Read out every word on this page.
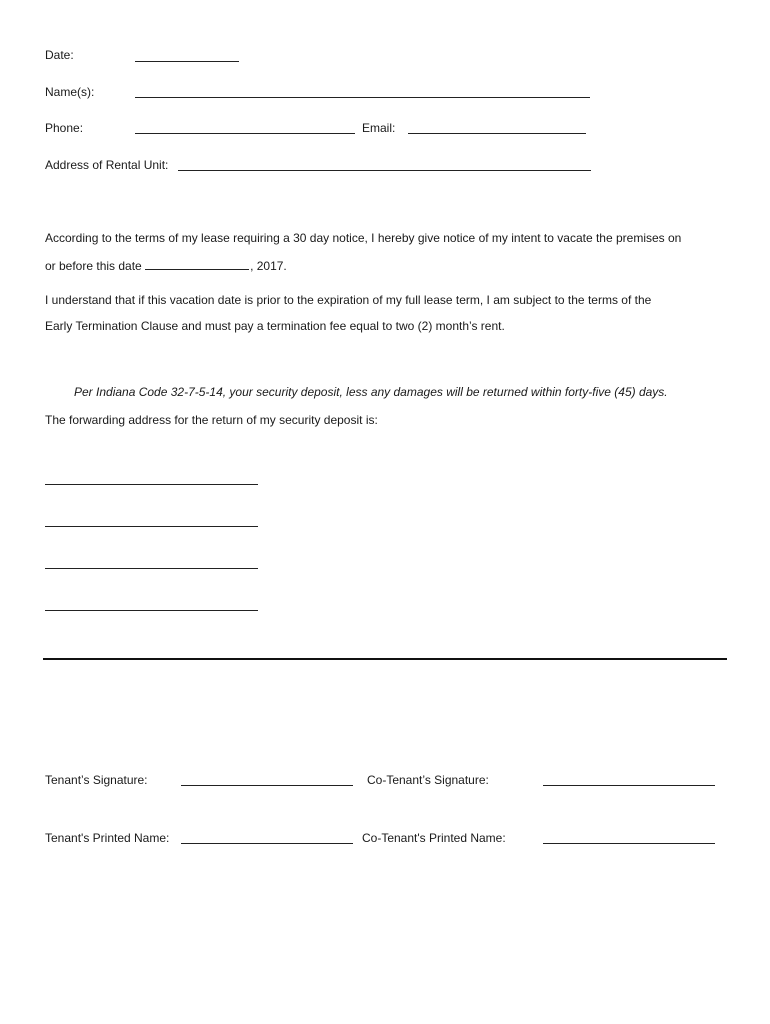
Date:
Name(s):
Phone:	Email:
Address of Rental Unit:
According to the terms of my lease requiring a 30 day notice, I hereby give notice of my intent to vacate the premises on
or before this date	, 2017.
I understand that if this vacation date is prior to the expiration of my full lease term, I am subject to the terms of the
Early Termination Clause and must pay a termination fee equal to two (2) month’s rent.
Per Indiana Code 32-7-5-14, your security deposit, less any damages will be returned within forty-five (45) days.
The forwarding address for the return of my security deposit is:
Tenant’s Signature:	Co-Tenant’s Signature:
Tenant's Printed Name:	Co-Tenant's Printed Name:
